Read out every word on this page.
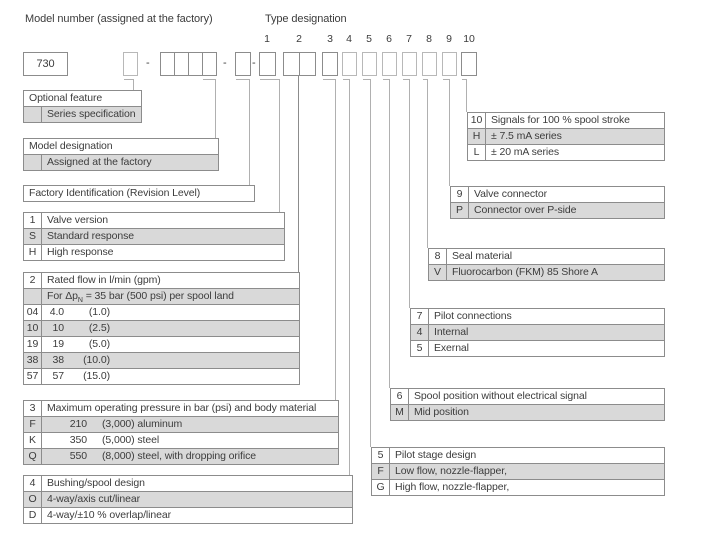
Model number (assigned at the factory)	Type designation
1	2	3	4	5	6	7	8	9	10
730	-	- -
Optional feature
Series specification
Model designation
Assigned at the factory
Factory Identification (Revision Level)
1	Valve version
S	Standard response
H	High response
2	Rated flow in l/min (gpm)
For $\Delta p_N = 35$ bar (500 psi) per spool land
04	4.0 (1.0)
10	10 (2.5)
19	19 (5.0)
38	38 (10.0)
57	57 (15.0)
3	Maximum operating pressure in bar (psi) and body material
F	210 (3,000) aluminum
K	350 (5,000) steel
Q	550 (8,000) steel, with dropping orifice
4	Bushing/spool design
O 4-way/axis cut/linear
D	4-way/±10 % overlap/linear
5	Pilot stage design
F	Low flow, nozzle-flapper,
G High flow, nozzle-flapper,
6	Spool position without electrical signal
M Mid position
7	Pilot connections
4	Internal
5	Exernal
8	Seal material
V	Fluorocarbon (FKM) 85 Shore A
9	Valve connector
P	Connector over P-side
10 Signals for 100 % spool stroke
H	± 7.5 mA series
L	± 20 mA series
